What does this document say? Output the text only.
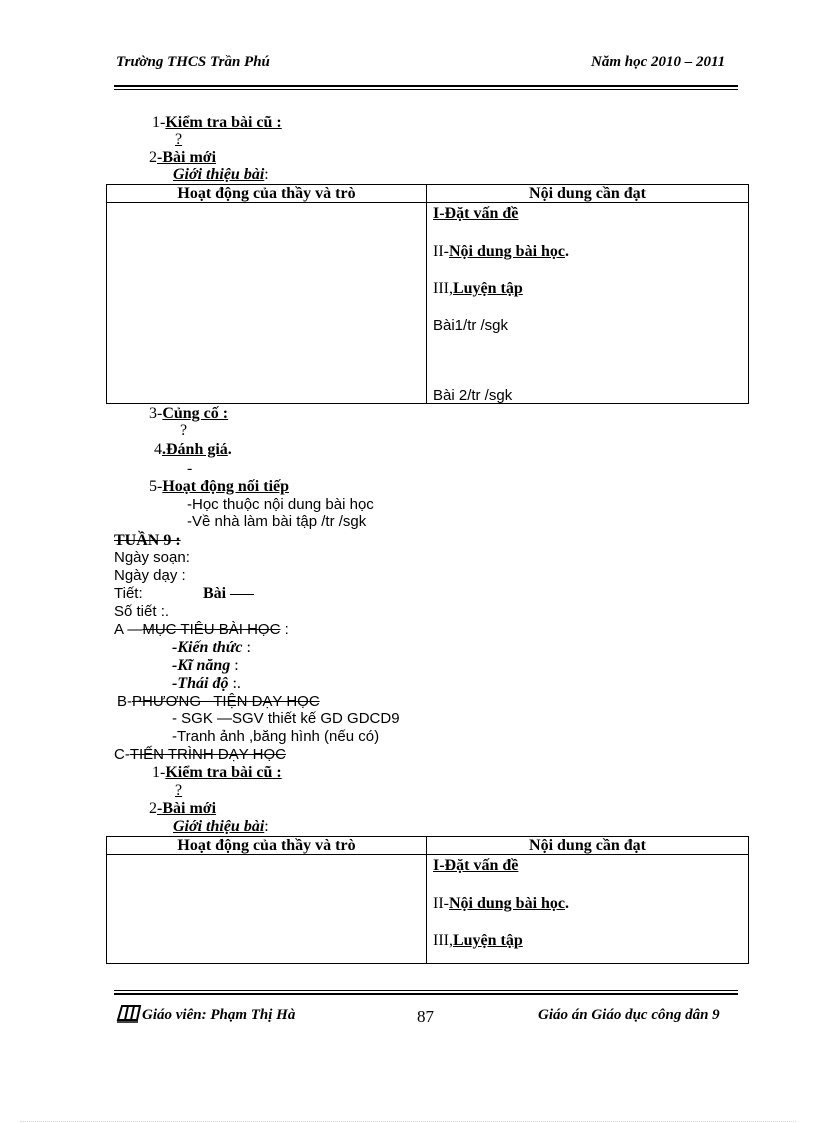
Trường THCS Trần Phú	Năm học 2010 – 2011
1-Kiểm tra bài cũ :
?
2-Bài mới
Giới thiệu bài:
Hoạt động của thầy và trò	Nội dung cần đạt

	I-Đặt vấn đề
II-Nội dung bài học.
III,Luyện tập
Bài1/tr /sgk
Bài 2/tr /sgk
3-Củng cố :
?
4.Đánh giá.
-
5-Hoạt động nối tiếp
-Học thuộc nội dung bài học
-Về nhà làm bài tập /tr /sgk
TUẦN 9 :
Ngày soạn:
Ngày dạy :
Tiết:	Bài
Số tiết :.
A —MỤC TIÊU BÀI HỌC :
-Kiến thức :
-Kĩ năng :
-Thái độ :.
B-PHƯƠNG   TIỆN DẠY HỌC
- SGK —SGV thiết kế GD GDCD9
-Tranh ảnh ,băng hình (nếu có)
C-TIẾN TRÌNH DẠY HỌC
1-Kiểm tra bài cũ :
?
2-Bài mới
Giới thiệu bài:
Hoạt động của thầy và trò	Nội dung cần đạt

	I-Đặt vấn đề
II-Nội dung bài học.
III,Luyện tập
Giáo viên: Phạm Thị Hà	87	Giáo án Giáo dục công dân 9
